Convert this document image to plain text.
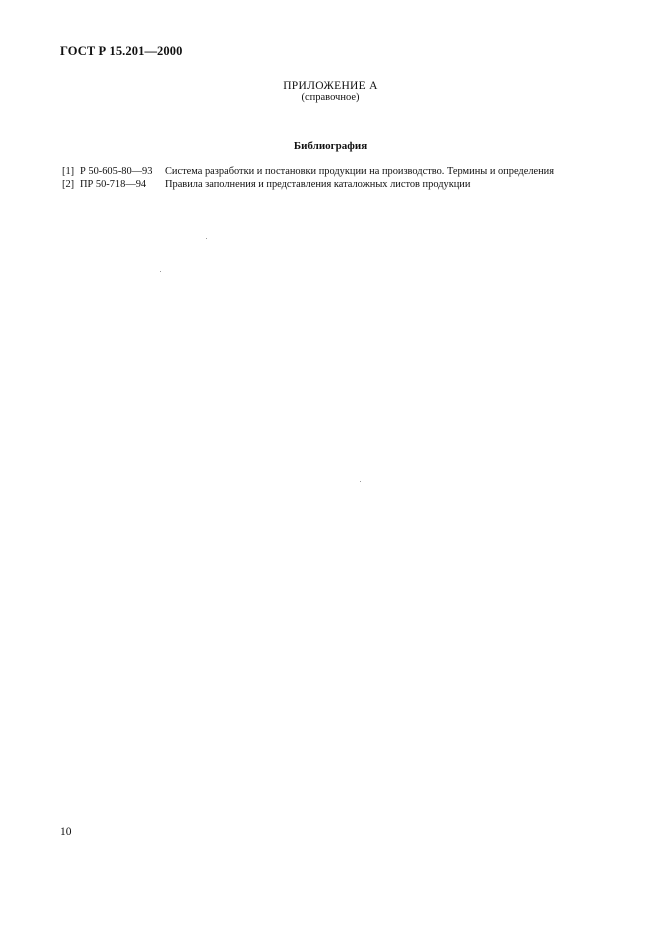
ГОСТ Р 15.201—2000
ПРИЛОЖЕНИЕ А
(справочное)
Библиография
[1] Р 50-605-80—93	Система разработки и постановки продукции на производство. Термины и определения
[2] ПР 50-718—94	Правила заполнения и представления каталожных листов продукции
10
